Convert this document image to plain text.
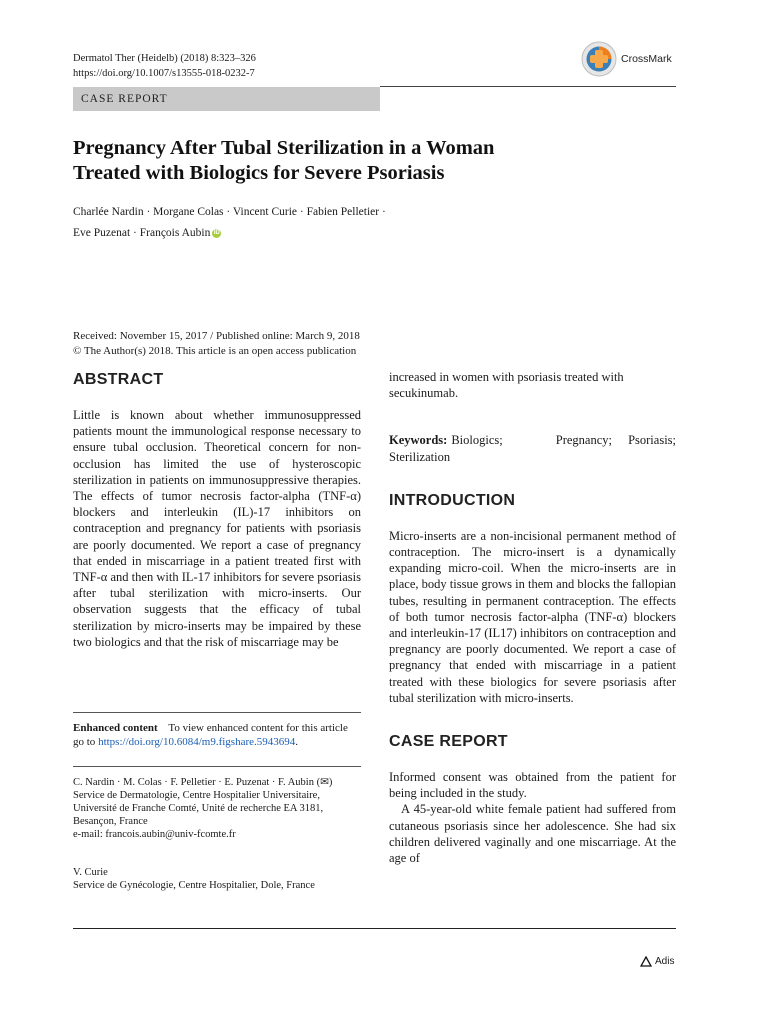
Dermatol Ther (Heidelb) (2018) 8:323–326
https://doi.org/10.1007/s13555-018-0232-7
CrossMark
CASE REPORT
Pregnancy After Tubal Sterilization in a Woman
Treated with Biologics for Severe Psoriasis
Charlée Nardin · Morgane Colas · Vincent Curie · Fabien Pelletier ·
Eve Puzenat · François Aubin iD
Received: November 15, 2017 / Published online: March 9, 2018
© The Author(s) 2018. This article is an open access publication
ABSTRACT

Little is known about whether immunosuppressed patients mount the immunological response necessary to ensure tubal occlusion. Theoretical concern for non-occlusion has limited the use of hysteroscopic sterilization in patients on immunosuppressive therapies. The effects of tumor necrosis factor-alpha (TNF-α) blockers and interleukin (IL)-17 inhibitors on contraception and pregnancy for patients with psoriasis are poorly documented. We report a case of pregnancy that ended in miscarriage in a patient treated first with TNF-α and then with IL-17 inhibitors for severe psoriasis after tubal sterilization with micro-inserts. Our observation suggests that the efficacy of tubal sterilization by micro-inserts may be impaired by these two biologics and that the risk of miscarriage may be

Enhanced content To view enhanced content for this article go to https://doi.org/10.6084/m9.figshare.5943694.
C. Nardin · M. Colas · F. Pelletier · E. Puzenat · F. Aubin (✉)
Service de Dermatologie, Centre Hospitalier Universitaire, Université de Franche Comté, Unité de recherche EA 3181, Besançon, France
e-mail: francois.aubin@univ-fcomte.fr
V. Curie
Service de Gynécologie, Centre Hospitalier, Dole, France

increased in women with psoriasis treated with secukinumab.

Keywords: Biologics;	Pregnancy;	Psoriasis;
Sterilization
INTRODUCTION

Micro-inserts are a non-incisional permanent method of contraception. The micro-insert is a dynamically expanding micro-coil. When the micro-inserts are in place, body tissue grows in them and blocks the fallopian tubes, resulting in permanent contraception. The effects of both tumor necrosis factor-alpha (TNF-α) blockers and interleukin-17 (IL17) inhibitors on contraception and pregnancy are poorly documented. We report a case of pregnancy that ended with miscarriage in a patient treated with these biologics for severe psoriasis after tubal sterilization with micro-inserts.

CASE REPORT

Informed consent was obtained from the patient for being included in the study.

A 45-year-old white female patient had suffered from cutaneous psoriasis since her adolescence. She had six children delivered vaginally and one miscarriage. At the age of

Adis
